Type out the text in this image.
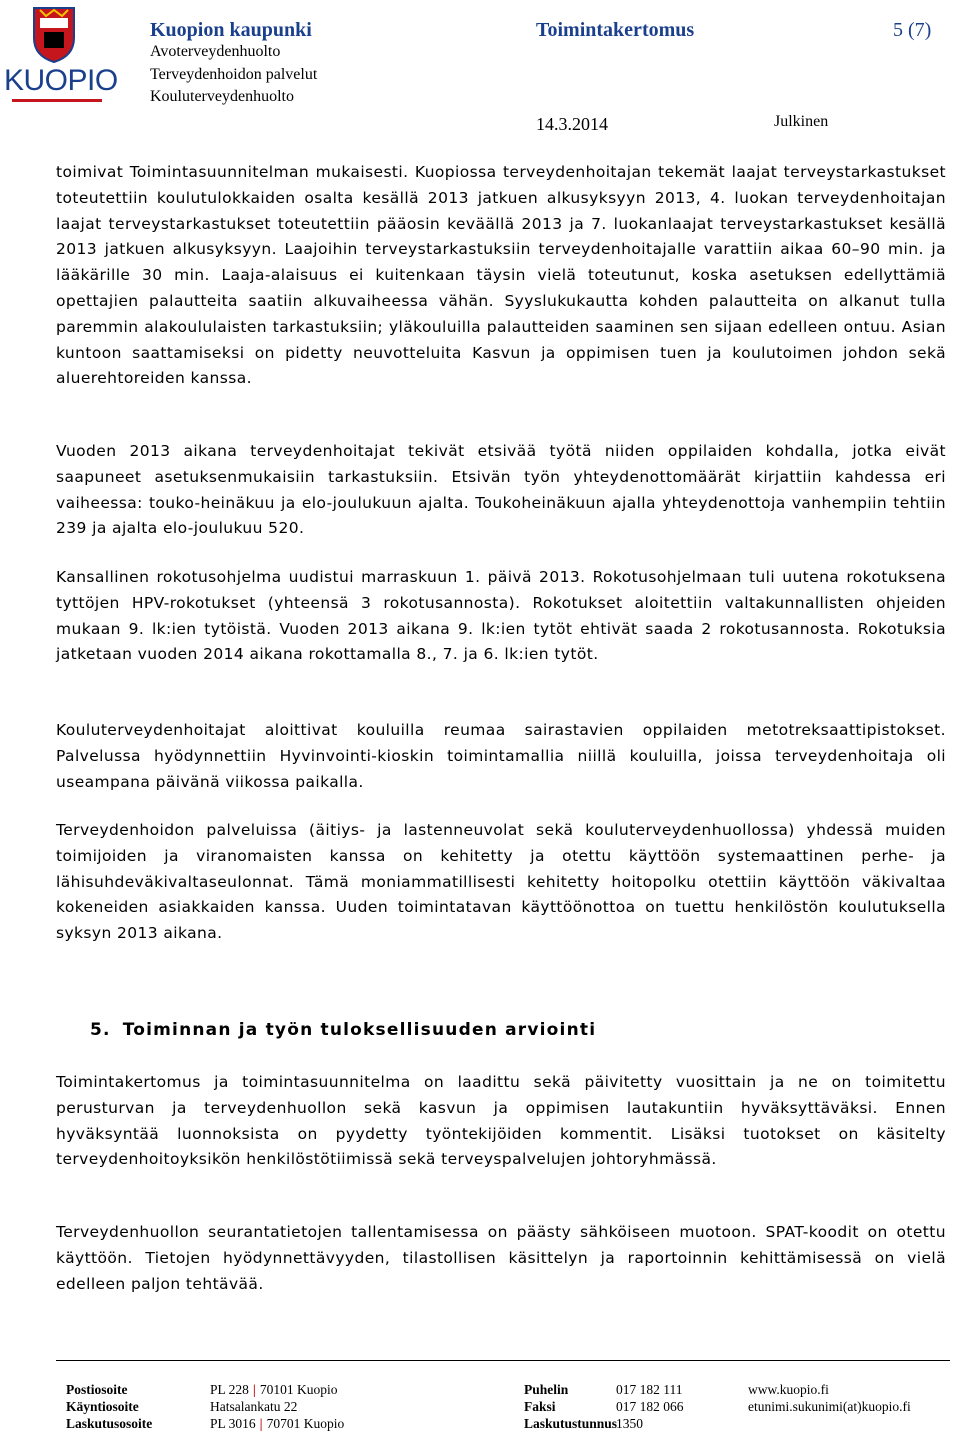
KUOPIO
Kuopion kaupunki
Avoterveydenhuolto
Terveydenhoidon palvelut
Kouluterveydenhuolto
Toimintakertomus	5 (7)
14.3.2014	Julkinen

toimivat Toimintasuunnitelman mukaisesti. Kuopiossa terveydenhoitajan tekemät laajat terveystarkastukset toteutettiin koulutulokkaiden osalta kesällä 2013 jatkuen alkusyksyyn 2013, 4. luokan terveydenhoitajan laajat terveystarkastukset toteutettiin pääosin keväällä 2013 ja 7. luokanlaajat terveystarkastukset kesällä 2013 jatkuen alkusyksyyn. Laajoihin terveystarkastuksiin terveydenhoitajalle varattiin aikaa 60–90 min. ja lääkärille 30 min. Laaja-alaisuus ei kuitenkaan täysin vielä toteutunut, koska asetuksen edellyttämiä opettajien palautteita saatiin alkuvaiheessa vähän. Syyslukukautta kohden palautteita on alkanut tulla paremmin alakoululaisten tarkastuksiin; yläkouluilla palautteiden saaminen sen sijaan edelleen ontuu. Asian kuntoon saattamiseksi on pidetty neuvotteluita Kasvun ja oppimisen tuen ja koulutoimen johdon sekä aluerehtoreiden kanssa.

Vuoden 2013 aikana terveydenhoitajat tekivät etsivää työtä niiden oppilaiden kohdalla, jotka eivät saapuneet asetuksenmukaisiin tarkastuksiin. Etsivän työn yhteydenottomäärät kirjattiin kahdessa eri vaiheessa: touko-heinäkuu ja elo-joulukuun ajalta. Toukoheinäkuun ajalla yhteydenottoja vanhempiin tehtiin 239 ja ajalta elo-joulukuu 520.

Kansallinen rokotusohjelma uudistui marraskuun 1. päivä 2013. Rokotusohjelmaan tuli uutena rokotuksena tyttöjen HPV-rokotukset (yhteensä 3 rokotusannosta). Rokotukset aloitettiin valtakunnallisten ohjeiden mukaan 9. lk:ien tytöistä. Vuoden 2013 aikana 9. lk:ien tytöt ehtivät saada 2 rokotusannosta. Rokotuksia jatketaan vuoden 2014 aikana rokottamalla 8., 7. ja 6. lk:ien tytöt.

Kouluterveydenhoitajat aloittivat kouluilla reumaa sairastavien oppilaiden metotreksaattipistokset. Palvelussa hyödynnettiin Hyvinvointi-kioskin toimintamallia niillä kouluilla, joissa terveydenhoitaja oli useampana päivänä viikossa paikalla.

Terveydenhoidon palveluissa (äitiys- ja lastenneuvolat sekä kouluterveydenhuollossa) yhdessä muiden toimijoiden ja viranomaisten kanssa on kehitetty ja otettu käyttöön systemaattinen perhe- ja lähisuhdeväkivaltaseulonnat. Tämä moniammatillisesti kehitetty hoitopolku otettiin käyttöön väkivaltaa kokeneiden asiakkaiden kanssa. Uuden toimintatavan käyttöönottoa on tuettu henkilöstön koulutuksella syksyn 2013 aikana.

5. Toiminnan ja työn tuloksellisuuden arviointi

Toimintakertomus ja toimintasuunnitelma on laadittu sekä päivitetty vuosittain ja ne on toimitettu perusturvan ja terveydenhuollon sekä kasvun ja oppimisen lautakuntiin hyväksyttäväksi. Ennen hyväksyntää luonnoksista on pyydetty työntekijöiden kommentit. Lisäksi tuotokset on käsitelty terveydenhoitoyksikön henkilöstötiimissä sekä terveyspalvelujen johtoryhmässä.

Terveydenhuollon seurantatietojen tallentamisessa on päästy sähköiseen muotoon. SPAT-koodit on otettu käyttöön. Tietojen hyödynnettävyyden, tilastollisen käsittelyn ja raportoinnin kehittämisessä on vielä edelleen paljon tehtävää.

Postiosoite
Käyntiosoite
Laskutusosoite
PL 228 | 70101 Kuopio
Hatsalankatu 22
PL 3016 | 70701 Kuopio
Puhelin
Faksi
Laskutustunnus
017 182 111
017 182 066
1350
www.kuopio.fi
etunimi.sukunimi(at)kuopio.fi
